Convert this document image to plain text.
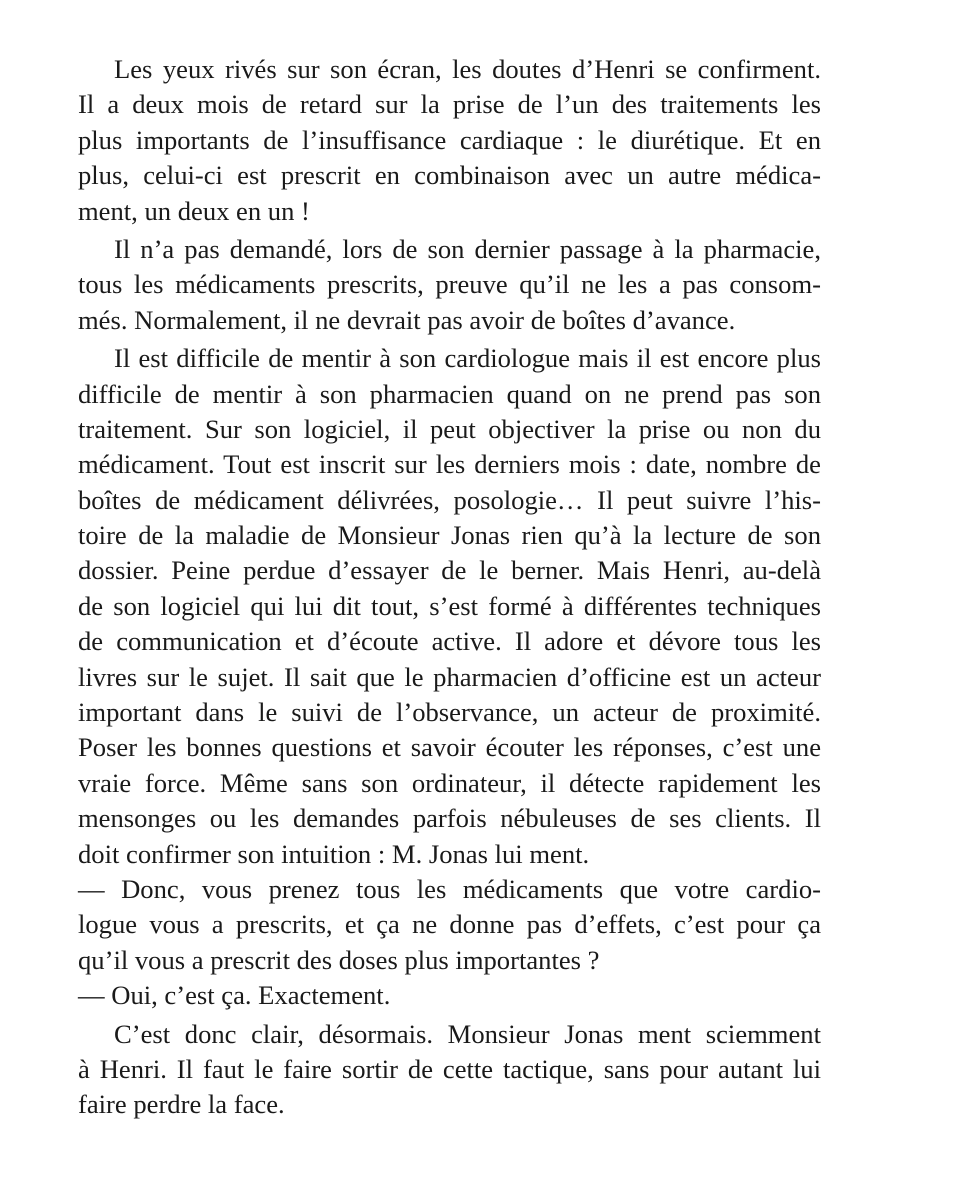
Les yeux rivés sur son écran, les doutes d’Henri se confirment.
Il a deux mois de retard sur la prise de l’un des traitements les
plus importants de l’insuffisance cardiaque : le diurétique. Et en
plus, celui-ci est prescrit en combinaison avec un autre médica-
ment, un deux en un !
Il n’a pas demandé, lors de son dernier passage à la pharmacie,
tous les médicaments prescrits, preuve qu’il ne les a pas consom-
més. Normalement, il ne devrait pas avoir de boîtes d’avance.
Il est difficile de mentir à son cardiologue mais il est encore plus
difficile de mentir à son pharmacien quand on ne prend pas son
traitement. Sur son logiciel, il peut objectiver la prise ou non du
médicament. Tout est inscrit sur les derniers mois : date, nombre de
boîtes de médicament délivrées, posologie… Il peut suivre l’his-
toire de la maladie de Monsieur Jonas rien qu’à la lecture de son
dossier. Peine perdue d’essayer de le berner. Mais Henri, au-delà
de son logiciel qui lui dit tout, s’est formé à différentes techniques
de communication et d’écoute active. Il adore et dévore tous les
livres sur le sujet. Il sait que le pharmacien d’officine est un acteur
important dans le suivi de l’observance, un acteur de proximité.
Poser les bonnes questions et savoir écouter les réponses, c’est une
vraie force. Même sans son ordinateur, il détecte rapidement les
mensonges ou les demandes parfois nébuleuses de ses clients. Il
doit confirmer son intuition : M. Jonas lui ment.
— Donc, vous prenez tous les médicaments que votre cardio-
logue vous a prescrits, et ça ne donne pas d’effets, c’est pour ça
qu’il vous a prescrit des doses plus importantes ?
— Oui, c’est ça. Exactement.
C’est donc clair, désormais. Monsieur Jonas ment sciemment
à Henri. Il faut le faire sortir de cette tactique, sans pour autant lui
faire perdre la face.
